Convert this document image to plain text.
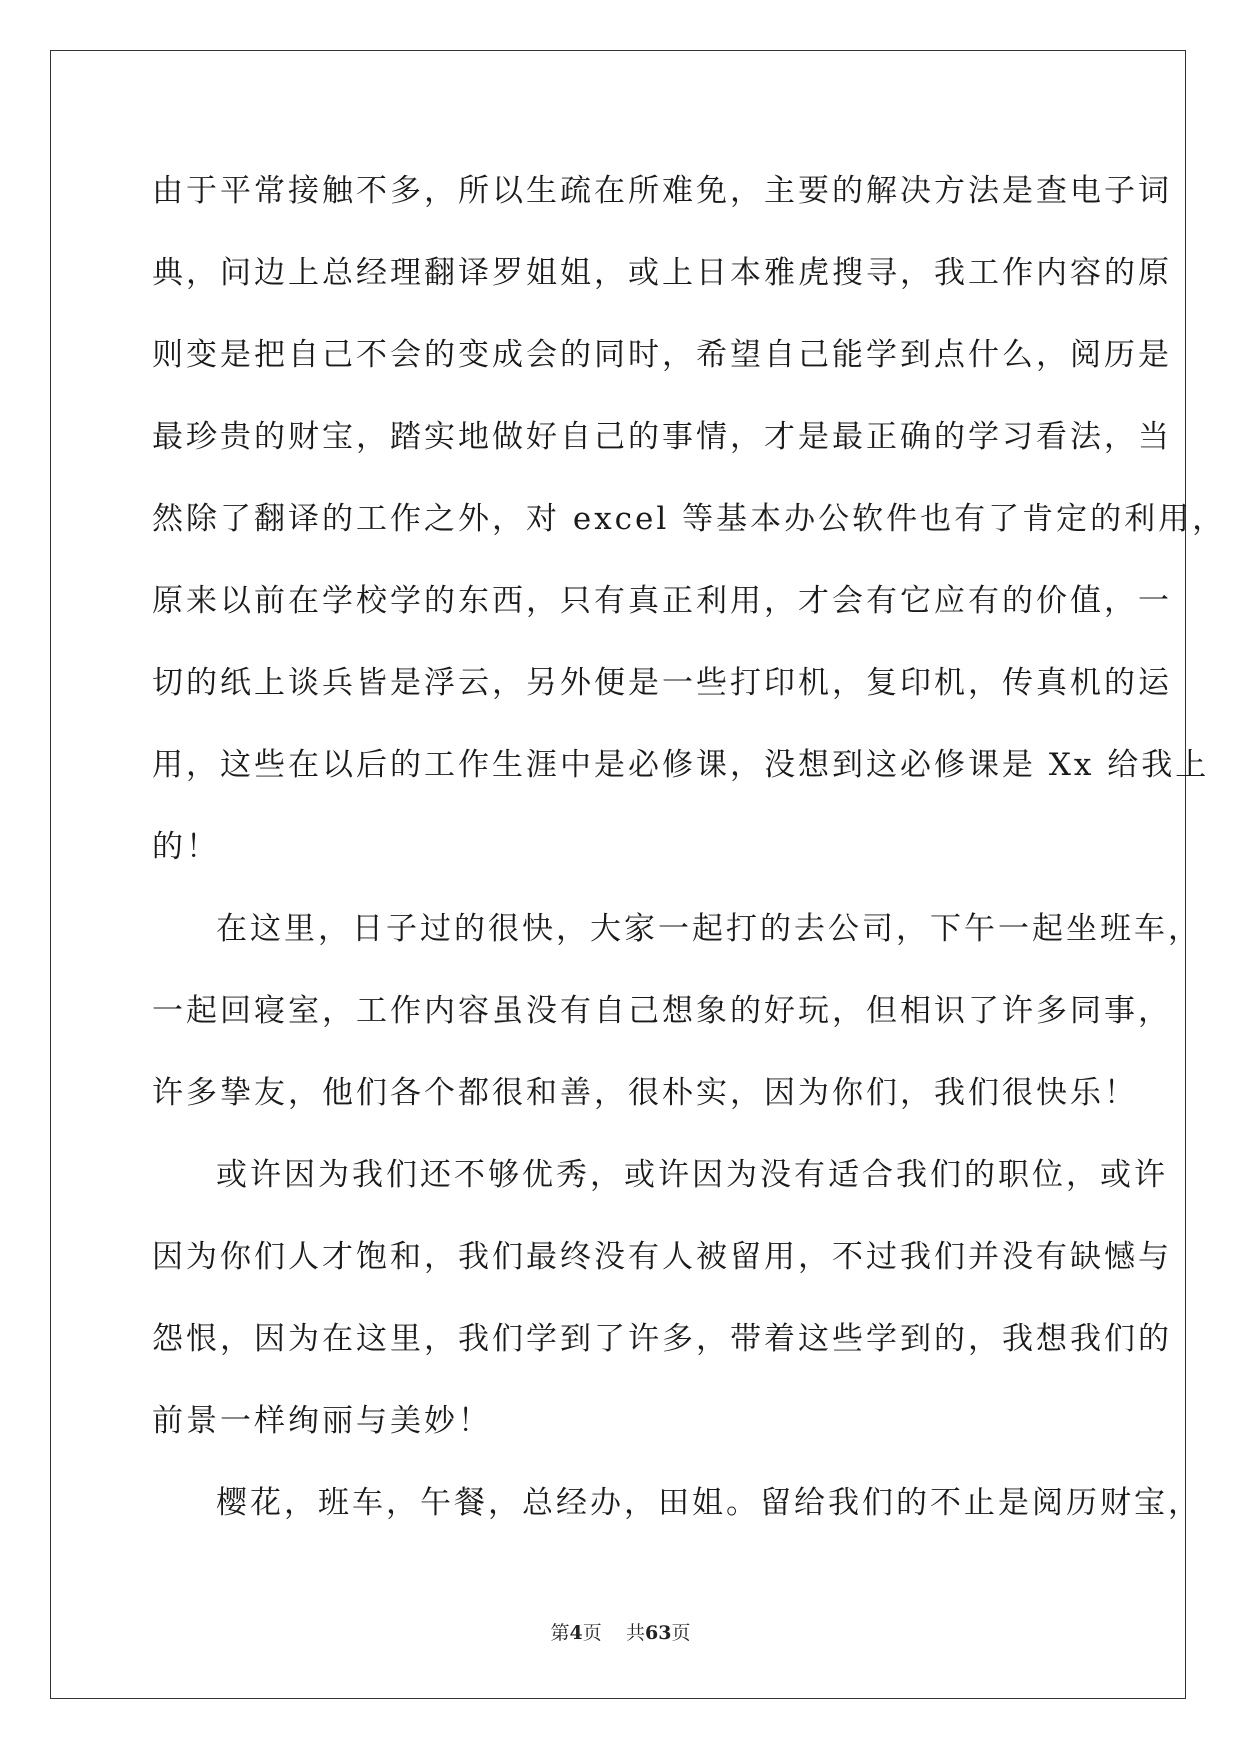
由于平常接触不多，所以生疏在所难免，主要的解决方法是查电子词
典，问边上总经理翻译罗姐姐，或上日本雅虎搜寻，我工作内容的原
则变是把自己不会的变成会的同时，希望自己能学到点什么，阅历是
最珍贵的财宝，踏实地做好自己的事情，才是最正确的学习看法，当
然除了翻译的工作之外，对 excel 等基本办公软件也有了肯定的利用，
原来以前在学校学的东西，只有真正利用，才会有它应有的价值，一
切的纸上谈兵皆是浮云，另外便是一些打印机，复印机，传真机的运
用，这些在以后的工作生涯中是必修课，没想到这必修课是 Xx 给我上
的！
在这里，日子过的很快，大家一起打的去公司，下午一起坐班车，
一起回寝室，工作内容虽没有自己想象的好玩，但相识了许多同事，
许多挚友，他们各个都很和善，很朴实，因为你们，我们很快乐！
或许因为我们还不够优秀，或许因为没有适合我们的职位，或许
因为你们人才饱和，我们最终没有人被留用，不过我们并没有缺憾与
怨恨，因为在这里，我们学到了许多，带着这些学到的，我想我们的
前景一样绚丽与美妙！
樱花，班车，午餐，总经办，田姐。留给我们的不止是阅历财宝，
第4页 共63页
